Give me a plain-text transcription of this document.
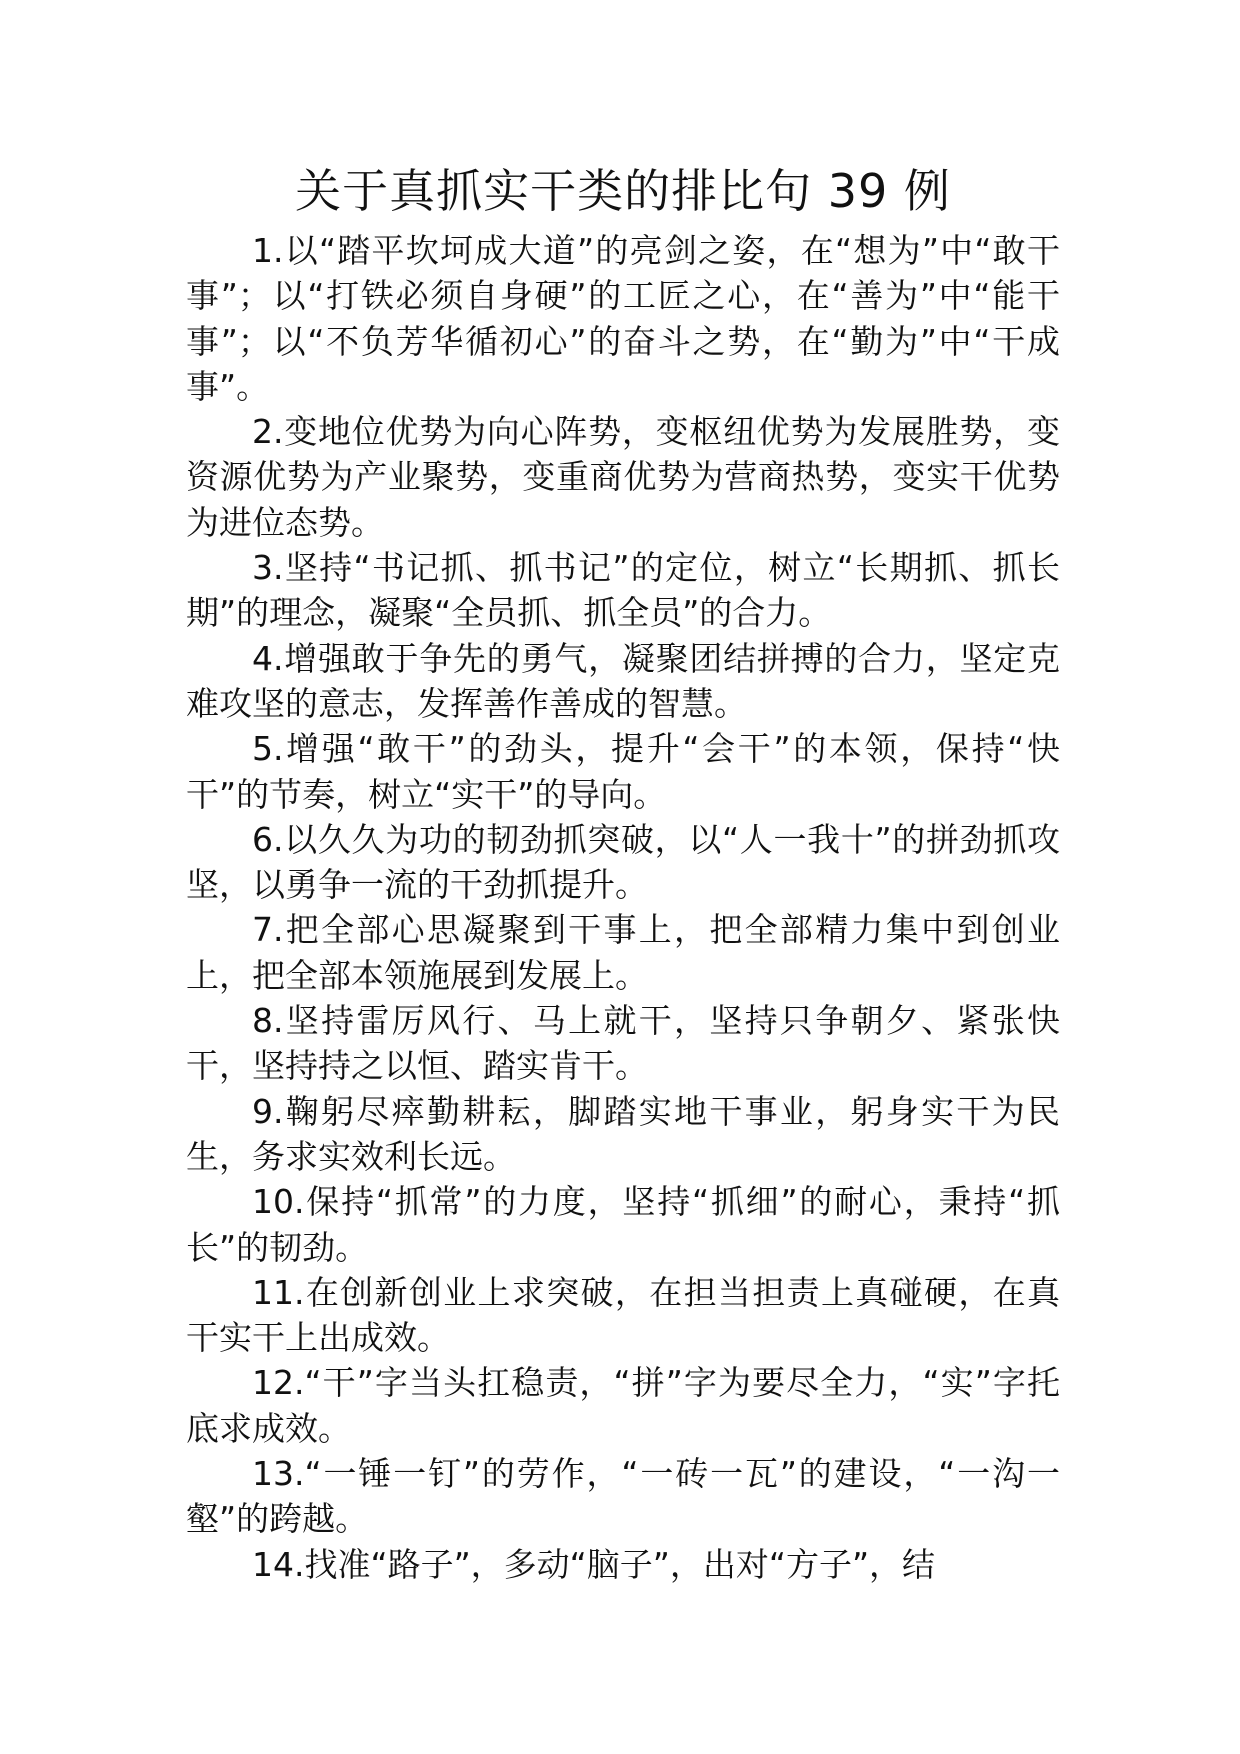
关于真抓实干类的排比句 39 例

1.以“踏平坎坷成大道”的亮剑之姿，在“想为”中“敢干事”；以“打铁必须自身硬”的工匠之心，在“善为”中“能干事”；以“不负芳华循初心”的奋斗之势，在“勤为”中“干成事”。

2.变地位优势为向心阵势，变枢纽优势为发展胜势，变资源优势为产业聚势，变重商优势为营商热势，变实干优势为进位态势。

3.坚持“书记抓、抓书记”的定位，树立“长期抓、抓长期”的理念，凝聚“全员抓、抓全员”的合力。

4.增强敢于争先的勇气，凝聚团结拼搏的合力，坚定克难攻坚的意志，发挥善作善成的智慧。

5.增强“敢干”的劲头，提升“会干”的本领，保持“快干”的节奏，树立“实干”的导向。

6.以久久为功的韧劲抓突破，以“人一我十”的拼劲抓攻坚，以勇争一流的干劲抓提升。

7.把全部心思凝聚到干事上，把全部精力集中到创业上，把全部本领施展到发展上。

8.坚持雷厉风行、马上就干，坚持只争朝夕、紧张快干，坚持持之以恒、踏实肯干。

9.鞠躬尽瘁勤耕耘，脚踏实地干事业，躬身实干为民生，务求实效利长远。

10.保持“抓常”的力度，坚持“抓细”的耐心，秉持“抓长”的韧劲。

11.在创新创业上求突破，在担当担责上真碰硬，在真干实干上出成效。

12.“干”字当头扛稳责，“拼”字为要尽全力，“实”字托底求成效。

13.“一锤一钉”的劳作，“一砖一瓦”的建设，“一沟一壑”的跨越。

14.找准“路子”，多动“脑子”，出对“方子”，结
